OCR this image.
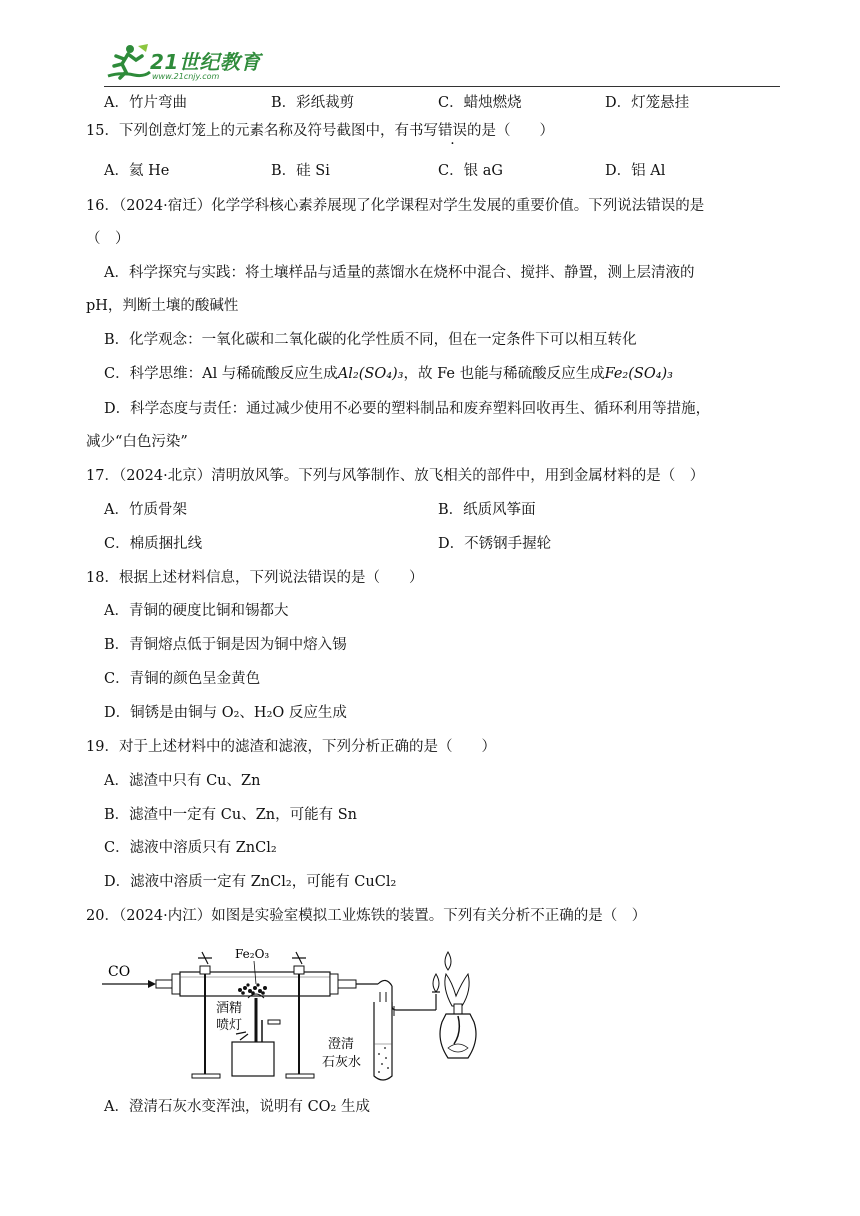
21世纪教育
www.21cnjy.com
A．竹片弯曲	B．彩纸裁剪	C．蜡烛燃烧	D．灯笼悬挂
15．下列创意灯笼上的元素名称及符号截图中，有书写错误的是（　　）
A．氦 He	B．硅 Si	C．银 aG	D．铝 Al
16．（2024·宿迁）化学学科核心素养展现了化学课程对学生发展的重要价值。下列说法错误的是
（　）
A．科学探究与实践：将土壤样品与适量的蒸馏水在烧杯中混合、搅拌、静置，测上层清液的
pH，判断土壤的酸碱性
B．化学观念：一氧化碳和二氧化碳的化学性质不同，但在一定条件下可以相互转化
C．科学思维：Al 与稀硫酸反应生成Al₂(SO₄)₃，故 Fe 也能与稀硫酸反应生成Fe₂(SO₄)₃
D．科学态度与责任：通过减少使用不必要的塑料制品和废弃塑料回收再生、循环利用等措施，
减少“白色污染”
17．（2024·北京）清明放风筝。下列与风筝制作、放飞相关的部件中，用到金属材料的是（　）
A．竹质骨架	B．纸质风筝面
C．棉质捆扎线	D．不锈钢手握轮
18．根据上述材料信息，下列说法错误的是（　　）
A．青铜的硬度比铜和锡都大
B．青铜熔点低于铜是因为铜中熔入锡
C．青铜的颜色呈金黄色
D．铜锈是由铜与 O₂、H₂O 反应生成
19．对于上述材料中的滤渣和滤液，下列分析正确的是（　　）
A．滤渣中只有 Cu、Zn
B．滤渣中一定有 Cu、Zn，可能有 Sn
C．滤液中溶质只有 ZnCl₂
D．滤液中溶质一定有 ZnCl₂，可能有 CuCl₂
20．（2024·内江）如图是实验室模拟工业炼铁的装置。下列有关分析不正确的是（　）
CO
Fe₂O₃
酒精
喷灯
澄清
石灰水
A．澄清石灰水变浑浊，说明有 CO₂ 生成
